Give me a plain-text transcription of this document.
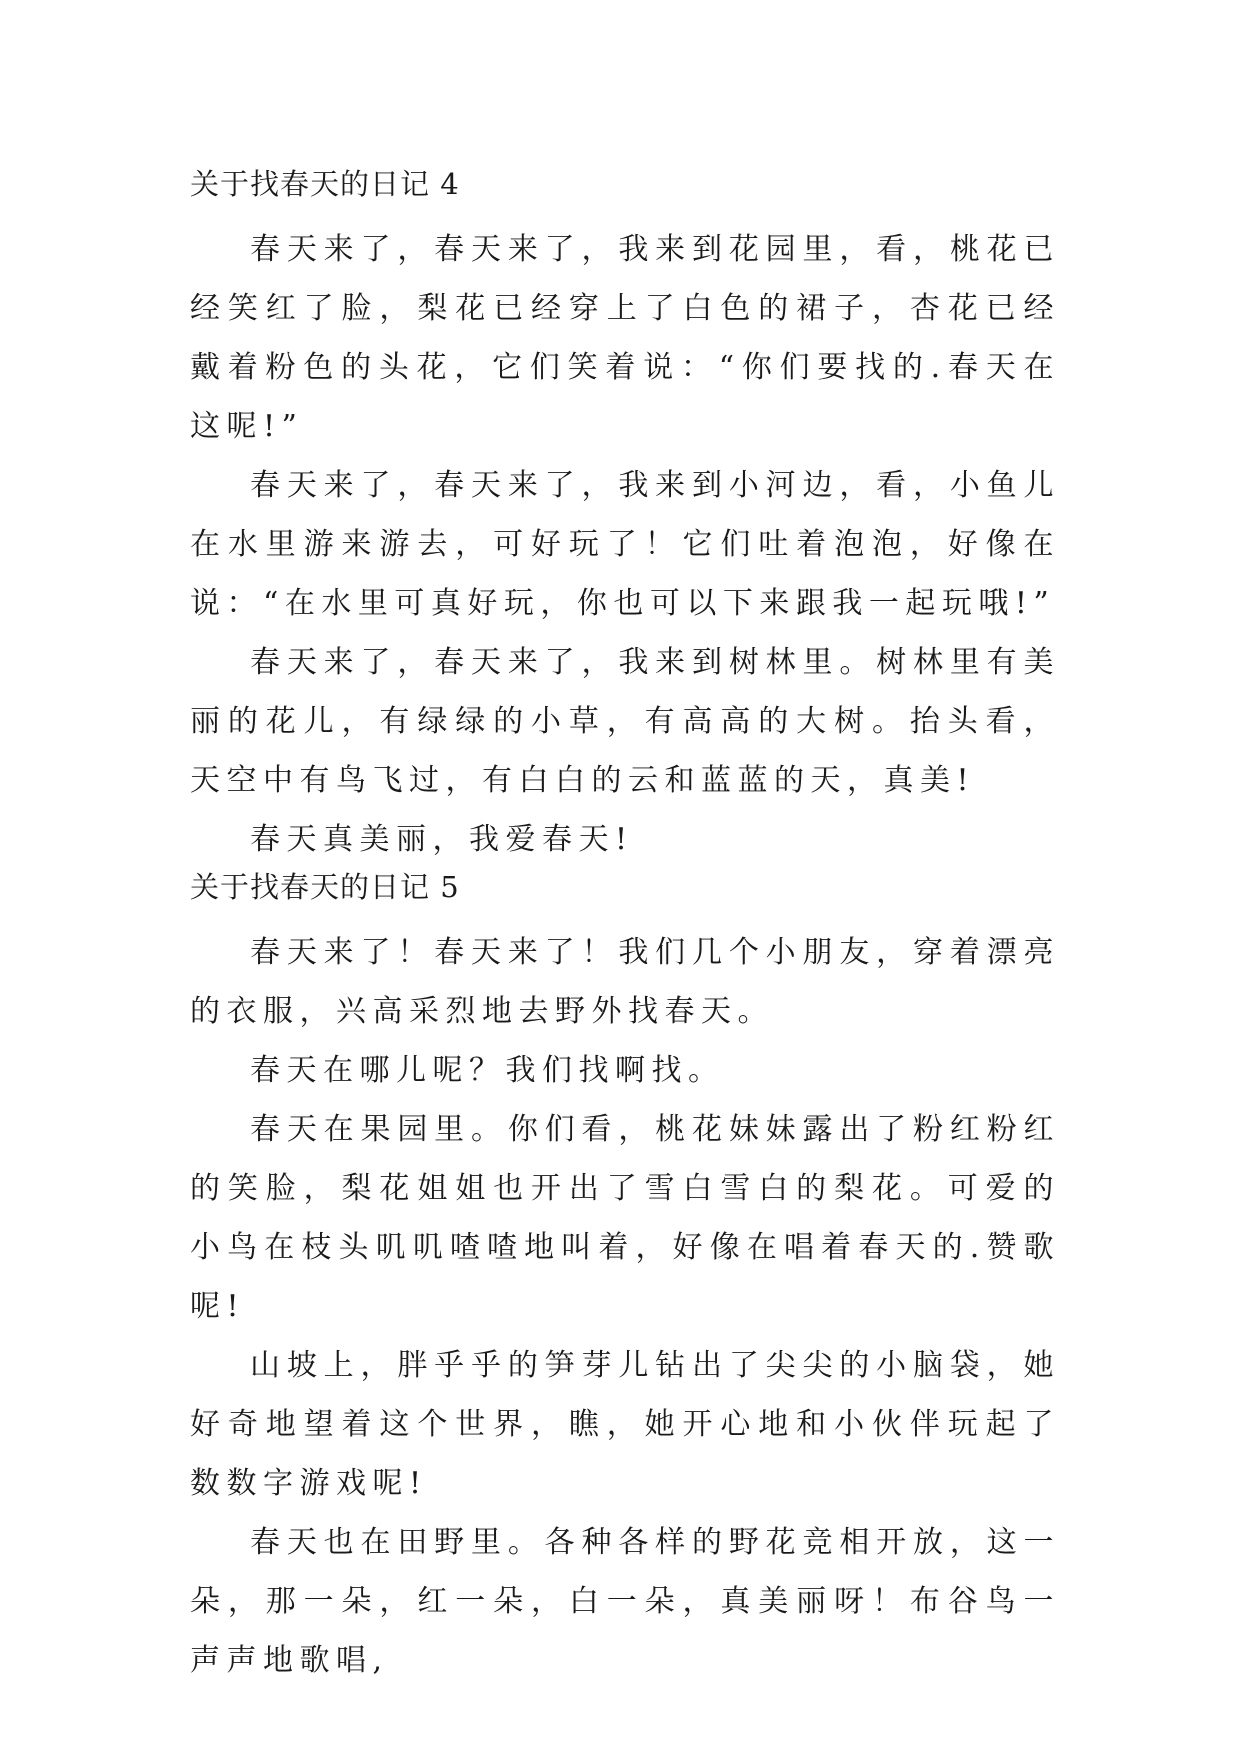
关于找春天的日记 4

春天来了，春天来了，我来到花园里，看，桃花已经笑红了脸，梨花已经穿上了白色的裙子，杏花已经戴着粉色的头花，它们笑着说：“你们要找的.春天在这呢!”

春天来了，春天来了，我来到小河边，看，小鱼儿在水里游来游去，可好玩了！它们吐着泡泡，好像在说：“在水里可真好玩，你也可以下来跟我一起玩哦!”

春天来了，春天来了，我来到树林里。树林里有美丽的花儿，有绿绿的小草，有高高的大树。抬头看，天空中有鸟飞过，有白白的云和蓝蓝的天，真美!

春天真美丽，我爱春天!

关于找春天的日记 5

春天来了！春天来了！我们几个小朋友，穿着漂亮的衣服，兴高采烈地去野外找春天。

春天在哪儿呢？我们找啊找。

春天在果园里。你们看，桃花妹妹露出了粉红粉红的笑脸，梨花姐姐也开出了雪白雪白的梨花。可爱的小鸟在枝头叽叽喳喳地叫着，好像在唱着春天的.赞歌呢!

山坡上，胖乎乎的笋芽儿钻出了尖尖的小脑袋，她好奇地望着这个世界，瞧，她开心地和小伙伴玩起了数数字游戏呢!

春天也在田野里。各种各样的野花竞相开放，这一朵，那一朵，红一朵，白一朵，真美丽呀！布谷鸟一声声地歌唱,
